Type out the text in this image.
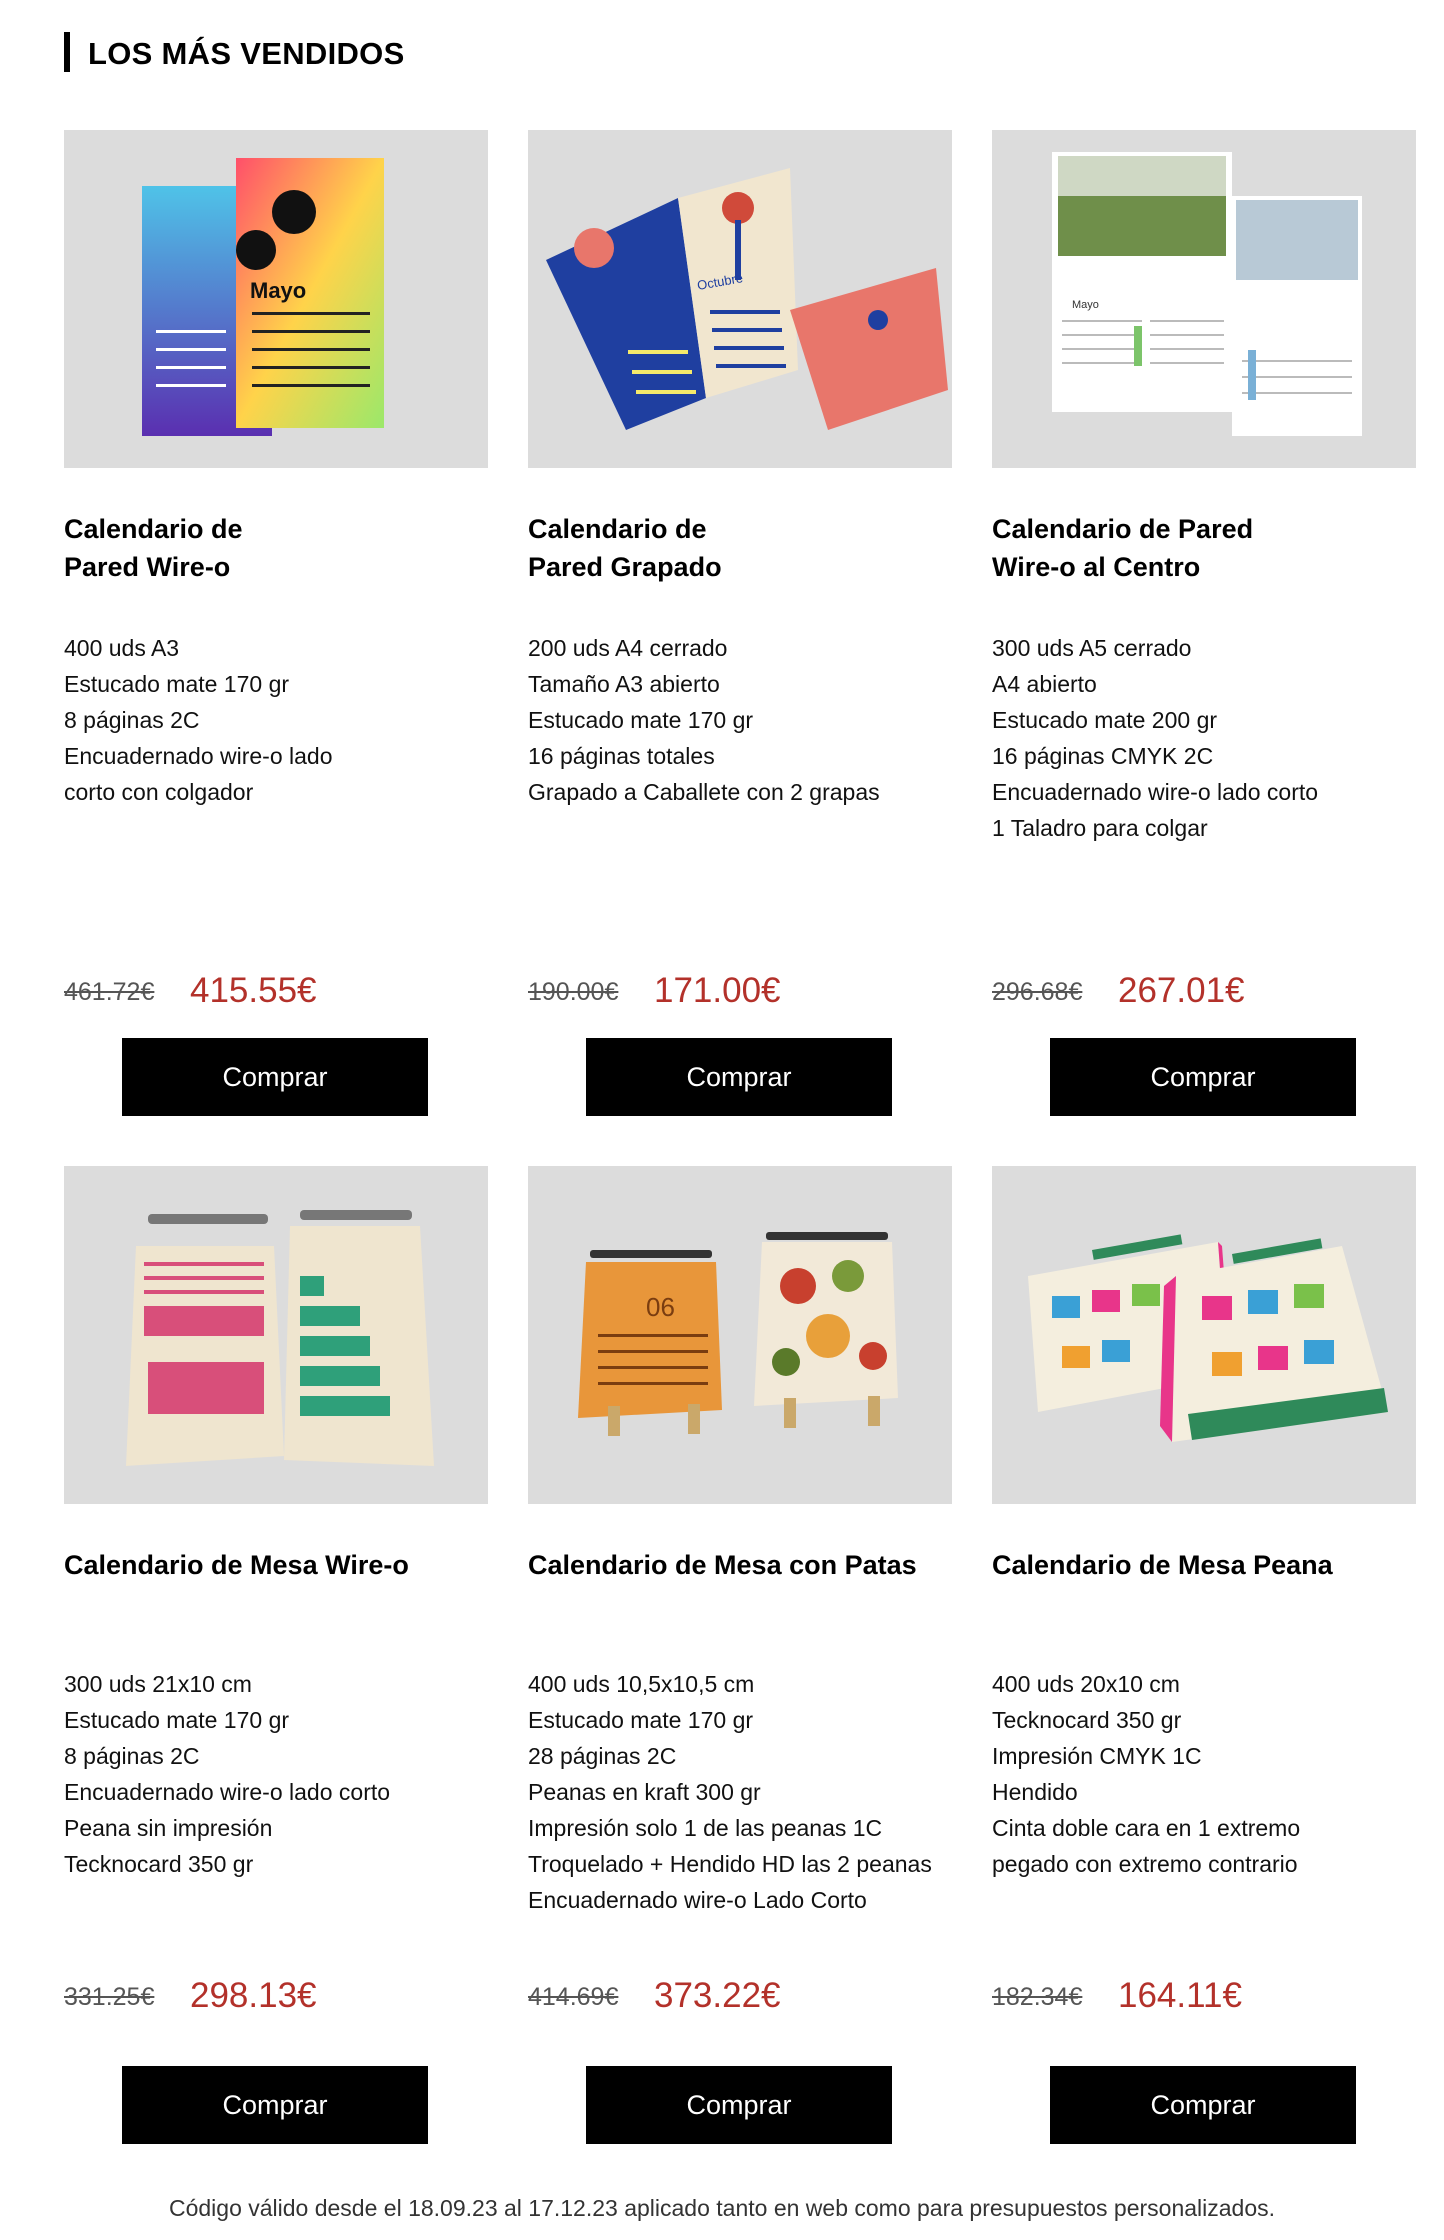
LOS MÁS VENDIDOS
Mayo
Calendario de
Pared Wire-o
400 uds A3
Estucado mate 170 gr
8 páginas 2C
Encuadernado wire-o lado
corto con colgador
461.72€ 415.55€
Comprar
Octubre
Calendario de
Pared Grapado
200 uds A4 cerrado
Tamaño A3 abierto
Estucado mate 170 gr
16 páginas totales
Grapado a Caballete con 2 grapas
190.00€ 171.00€
Comprar
Mayo
Calendario de Pared
Wire-o al Centro
300 uds A5 cerrado
A4 abierto
Estucado mate 200 gr
16 páginas CMYK 2C
Encuadernado wire-o lado corto
1 Taladro para colgar
296.68€ 267.01€
Comprar
Calendario de Mesa Wire-o
300 uds 21x10 cm
Estucado mate 170 gr
8 páginas 2C
Encuadernado wire-o lado corto
Peana sin impresión
Tecknocard 350 gr
331.25€ 298.13€
Comprar
06
Calendario de Mesa con Patas
400 uds 10,5x10,5 cm
Estucado mate 170 gr
28 páginas 2C
Peanas en kraft 300 gr
Impresión solo 1 de las peanas 1C
Troquelado + Hendido HD las 2 peanas
Encuadernado wire-o Lado Corto
414.69€ 373.22€
Comprar
Calendario de Mesa Peana
400 uds 20x10 cm
Tecknocard 350 gr
Impresión CMYK 1C
Hendido
Cinta doble cara en 1 extremo
pegado con extremo contrario
182.34€ 164.11€
Comprar
Código válido desde el 18.09.23 al 17.12.23 aplicado tanto en web como para presupuestos personalizados.
